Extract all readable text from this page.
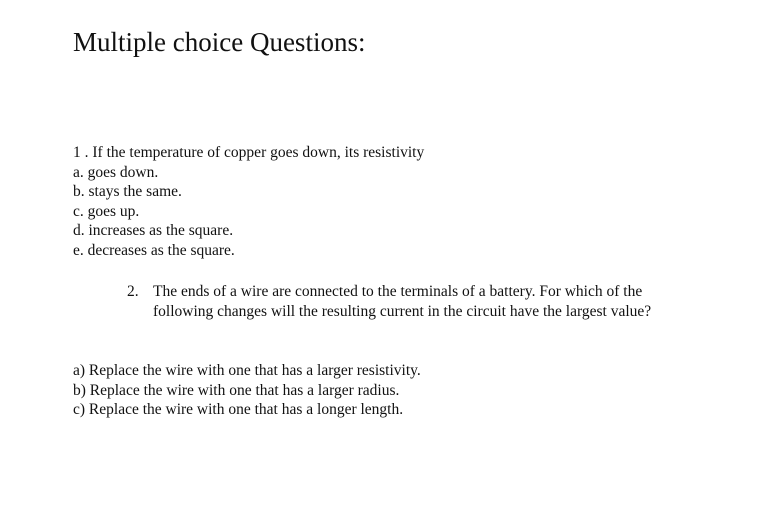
Multiple choice Questions:
1 . If the temperature of copper goes down, its resistivity
a. goes down.
b. stays the same.
c. goes up.
d. increases as the square.
e. decreases as the square.
2. The ends of a wire are connected to the terminals of a battery. For which of the following changes will the resulting current in the circuit have the largest value?
a) Replace the wire with one that has a larger resistivity.
b) Replace the wire with one that has a larger radius.
c) Replace the wire with one that has a longer length.
